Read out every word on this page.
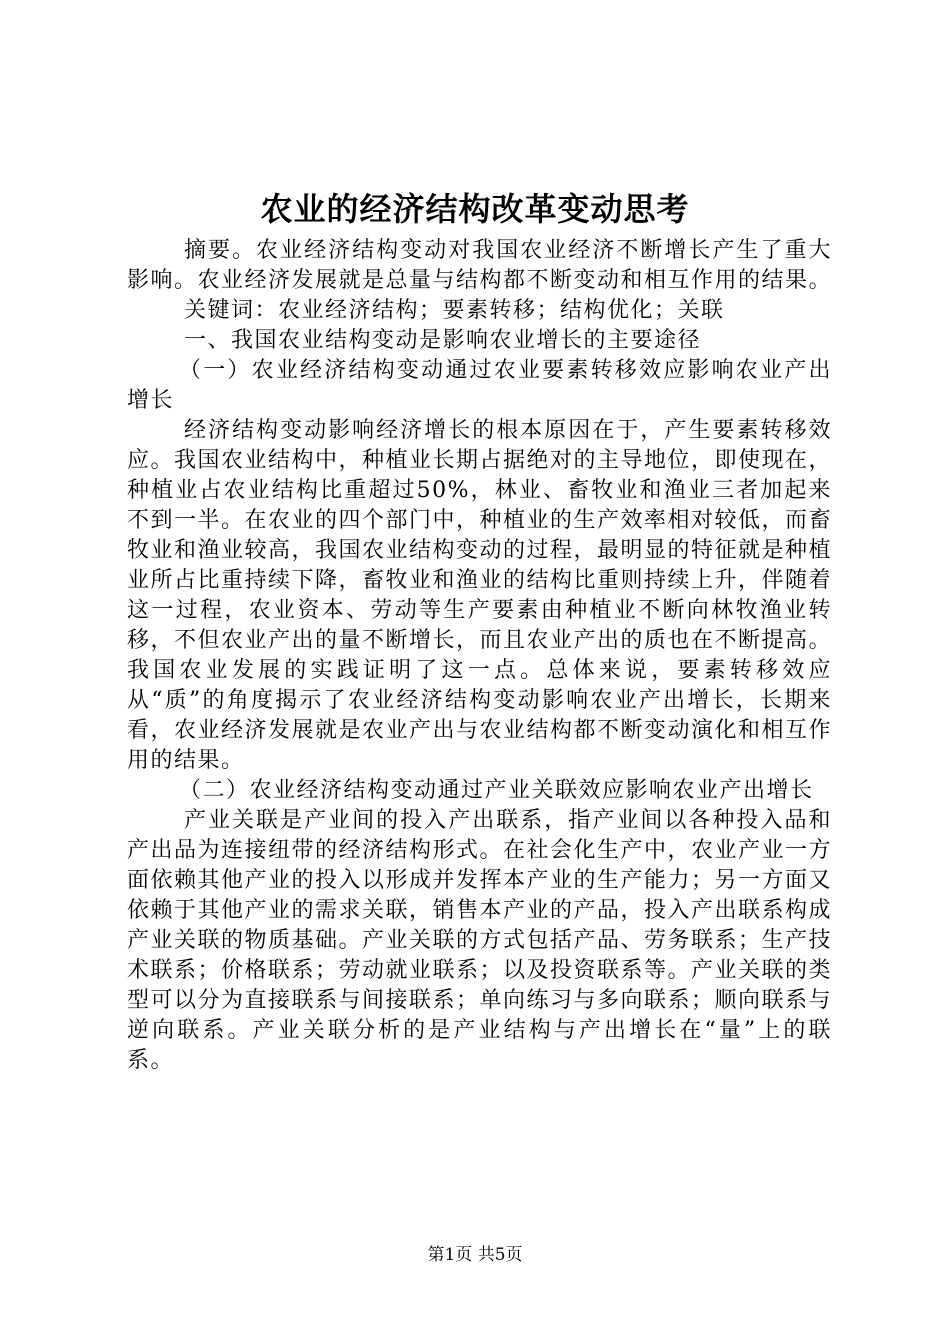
农业的经济结构改革变动思考

摘要。农业经济结构变动对我国农业经济不断增长产生了重大影响。农业经济发展就是总量与结构都不断变动和相互作用的结果。

关键词：农业经济结构；要素转移；结构优化；关联

一、我国农业结构变动是影响农业增长的主要途径

（一）农业经济结构变动通过农业要素转移效应影响农业产出增长

经济结构变动影响经济增长的根本原因在于，产生要素转移效应。我国农业结构中，种植业长期占据绝对的主导地位，即使现在，种植业占农业结构比重超过50%，林业、畜牧业和渔业三者加起来不到一半。在农业的四个部门中，种植业的生产效率相对较低，而畜牧业和渔业较高，我国农业结构变动的过程，最明显的特征就是种植业所占比重持续下降，畜牧业和渔业的结构比重则持续上升，伴随着这一过程，农业资本、劳动等生产要素由种植业不断向林牧渔业转移，不但农业产出的量不断增长，而且农业产出的质也在不断提高。我国农业发展的实践证明了这一点。总体来说，要素转移效应从“质”的角度揭示了农业经济结构变动影响农业产出增长，长期来看，农业经济发展就是农业产出与农业结构都不断变动演化和相互作用的结果。

（二）农业经济结构变动通过产业关联效应影响农业产出增长

产业关联是产业间的投入产出联系，指产业间以各种投入品和产出品为连接纽带的经济结构形式。在社会化生产中，农业产业一方面依赖其他产业的投入以形成并发挥本产业的生产能力；另一方面又依赖于其他产业的需求关联，销售本产业的产品，投入产出联系构成产业关联的物质基础。产业关联的方式包括产品、劳务联系；生产技术联系；价格联系；劳动就业联系；以及投资联系等。产业关联的类型可以分为直接联系与间接联系；单向练习与多向联系；顺向联系与逆向联系。产业关联分析的是产业结构与产出增长在“量”上的联系。

第1页 共5页
